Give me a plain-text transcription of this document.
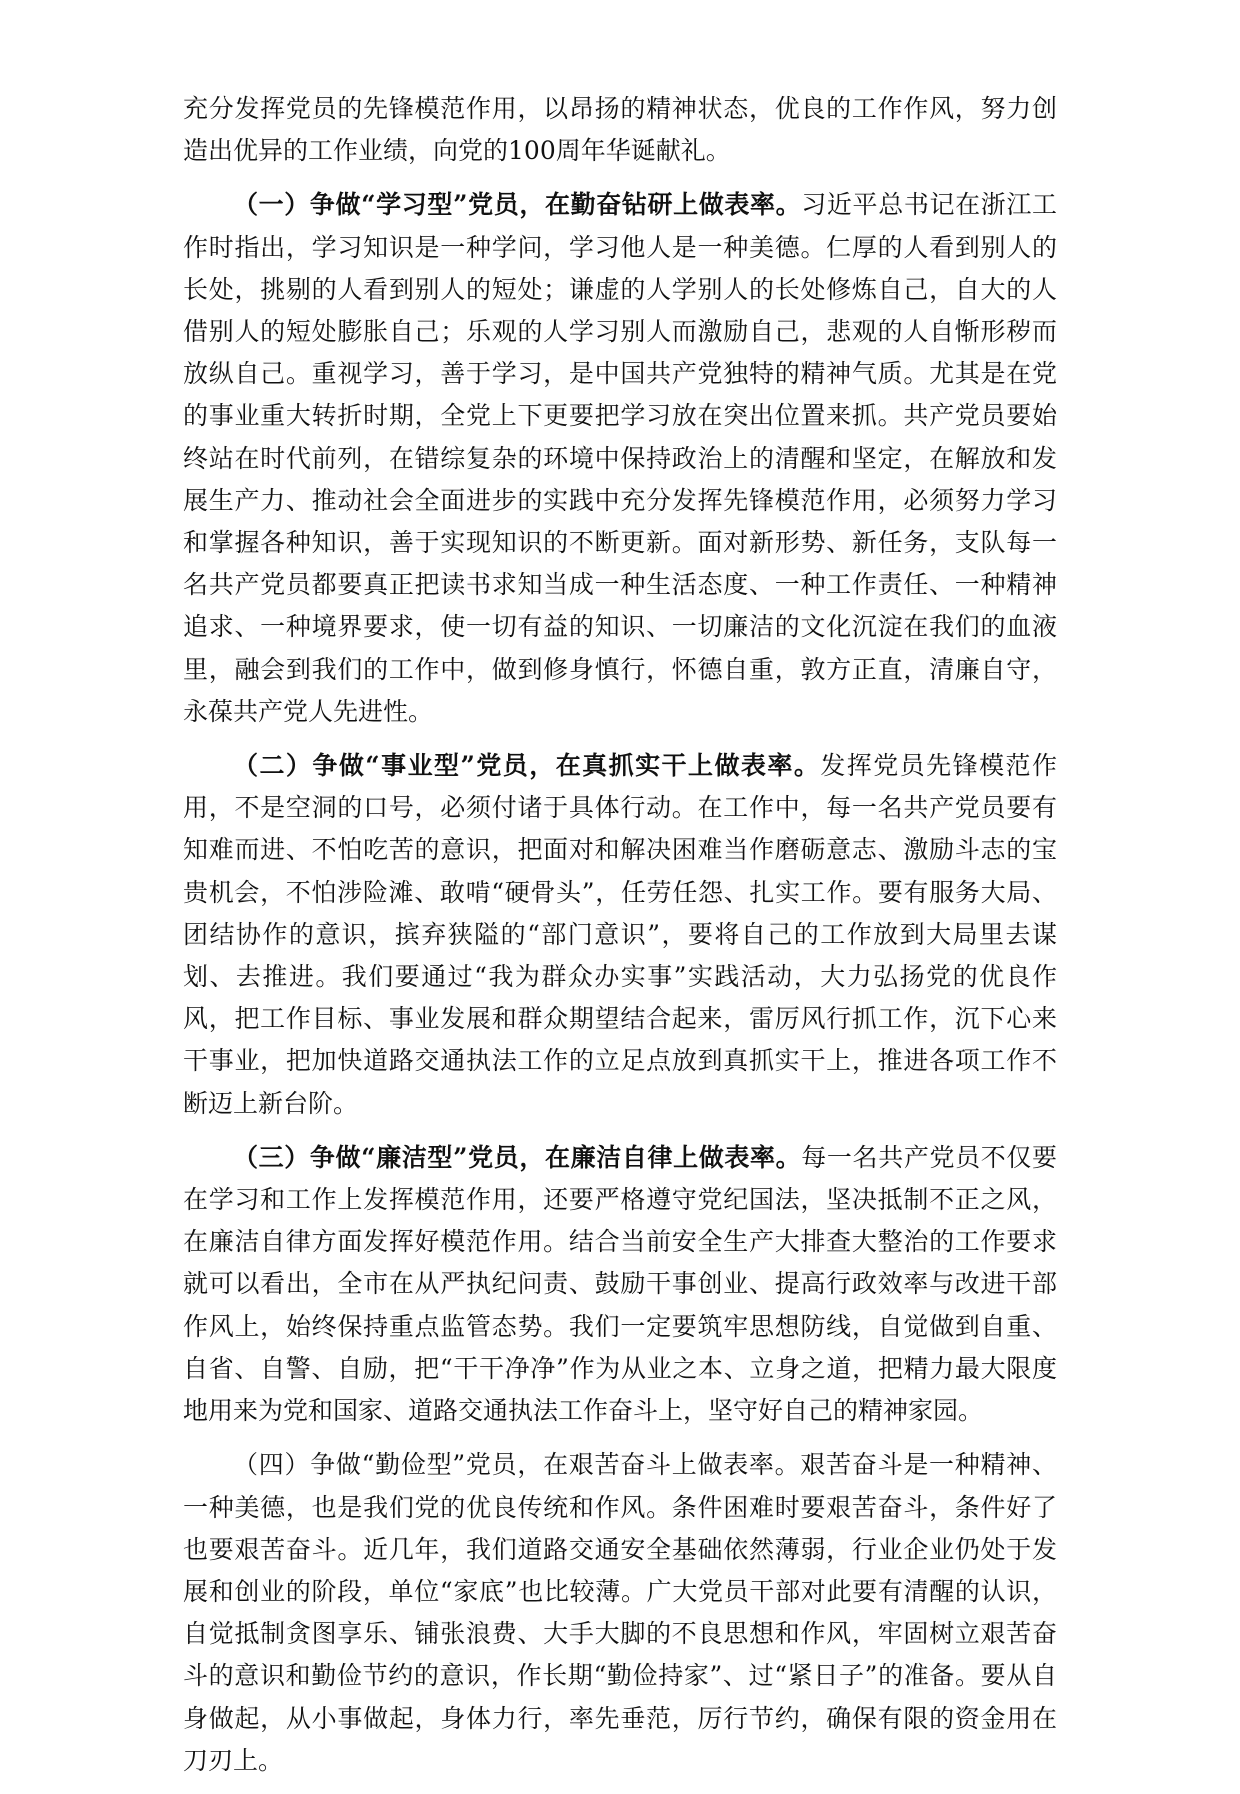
充分发挥党员的先锋模范作用，以昂扬的精神状态，优良的工作作风，努力创造出优异的工作业绩，向党的100周年华诞献礼。

（一）争做“学习型”党员，在勤奋钻研上做表率。习近平总书记在浙江工作时指出，学习知识是一种学问，学习他人是一种美德。仁厚的人看到别人的长处，挑剔的人看到别人的短处；谦虚的人学别人的长处修炼自己，自大的人借别人的短处膨胀自己；乐观的人学习别人而激励自己，悲观的人自惭形秽而放纵自己。重视学习，善于学习，是中国共产党独特的精神气质。尤其是在党的事业重大转折时期，全党上下更要把学习放在突出位置来抓。共产党员要始终站在时代前列，在错综复杂的环境中保持政治上的清醒和坚定，在解放和发展生产力、推动社会全面进步的实践中充分发挥先锋模范作用，必须努力学习和掌握各种知识，善于实现知识的不断更新。面对新形势、新任务，支队每一名共产党员都要真正把读书求知当成一种生活态度、一种工作责任、一种精神追求、一种境界要求，使一切有益的知识、一切廉洁的文化沉淀在我们的血液里，融会到我们的工作中，做到修身慎行，怀德自重，敦方正直，清廉自守，永葆共产党人先进性。

（二）争做“事业型”党员，在真抓实干上做表率。发挥党员先锋模范作用，不是空洞的口号，必须付诸于具体行动。在工作中，每一名共产党员要有知难而进、不怕吃苦的意识，把面对和解决困难当作磨砺意志、激励斗志的宝贵机会，不怕涉险滩、敢啃“硬骨头”，任劳任怨、扎实工作。要有服务大局、团结协作的意识，摈弃狭隘的“部门意识”，要将自己的工作放到大局里去谋划、去推进。我们要通过“我为群众办实事”实践活动，大力弘扬党的优良作风，把工作目标、事业发展和群众期望结合起来，雷厉风行抓工作，沉下心来干事业，把加快道路交通执法工作的立足点放到真抓实干上，推进各项工作不断迈上新台阶。

（三）争做“廉洁型”党员，在廉洁自律上做表率。每一名共产党员不仅要在学习和工作上发挥模范作用，还要严格遵守党纪国法，坚决抵制不正之风，在廉洁自律方面发挥好模范作用。结合当前安全生产大排查大整治的工作要求就可以看出，全市在从严执纪问责、鼓励干事创业、提高行政效率与改进干部作风上，始终保持重点监管态势。我们一定要筑牢思想防线，自觉做到自重、自省、自警、自励，把“干干净净”作为从业之本、立身之道，把精力最大限度地用来为党和国家、道路交通执法工作奋斗上，坚守好自己的精神家园。

（四）争做“勤俭型”党员，在艰苦奋斗上做表率。艰苦奋斗是一种精神、一种美德，也是我们党的优良传统和作风。条件困难时要艰苦奋斗，条件好了也要艰苦奋斗。近几年，我们道路交通安全基础依然薄弱，行业企业仍处于发展和创业的阶段，单位“家底”也比较薄。广大党员干部对此要有清醒的认识，自觉抵制贪图享乐、铺张浪费、大手大脚的不良思想和作风，牢固树立艰苦奋斗的意识和勤俭节约的意识，作长期“勤俭持家”、过“紧日子”的准备。要从自身做起，从小事做起，身体力行，率先垂范，厉行节约，确保有限的资金用在刀刃上。
